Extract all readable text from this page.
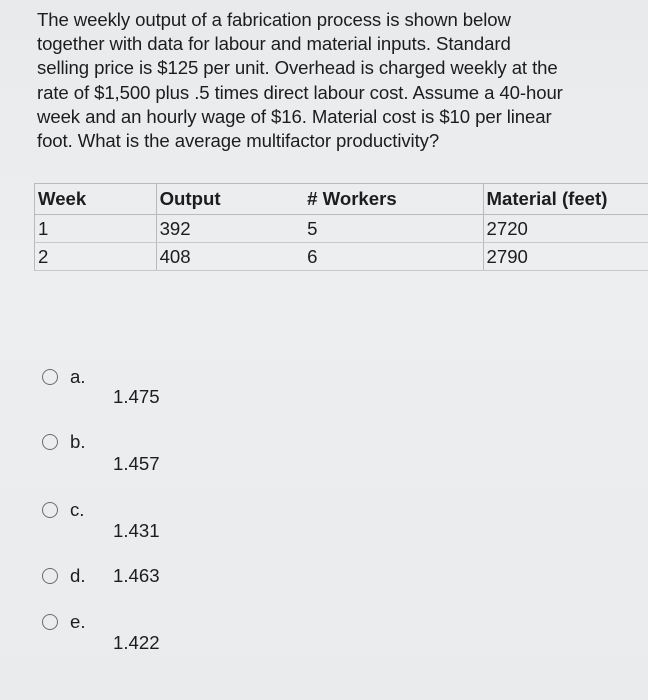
The weekly output of a fabrication process is shown below
together with data for labour and material inputs. Standard
selling price is $125 per unit. Overhead is charged weekly at the
rate of $1,500 plus .5 times direct labour cost. Assume a 40-hour
week and an hourly wage of $16. Material cost is $10 per linear
foot. What is the average multifactor productivity?
Week	Output	# Workers	Material (feet)
1	392	5	2720
2	408	6	2790
a.
1.475
b.
1.457
c.
1.431
d.	1.463
e.
1.422
